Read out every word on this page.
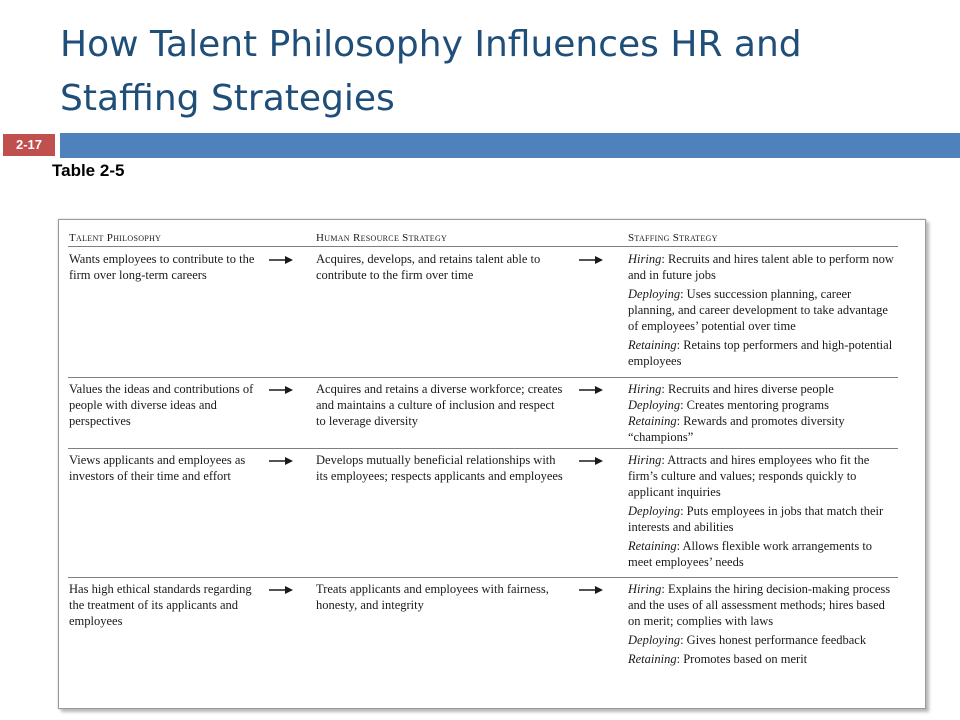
How Talent Philosophy Influences HR and Staffing Strategies
2-17
Table 2-5
Talent Philosophy	Human Resource Strategy	Staffing Strategy
Wants employees to contribute to the firm over long-term careers
Acquires, develops, and retains talent able to contribute to the firm over time
Hiring: Recruits and hires talent able to perform now and in future jobs
Deploying: Uses succession planning, career planning, and career development to take advantage of employees’ potential over time
Retaining: Retains top performers and high-potential employees
Values the ideas and contributions of people with diverse ideas and perspectives
Acquires and retains a diverse workforce; creates and maintains a culture of inclusion and respect to leverage diversity
Hiring: Recruits and hires diverse people
Deploying: Creates mentoring programs
Retaining: Rewards and promotes diversity “champions”
Views applicants and employees as investors of their time and effort
Develops mutually beneficial relationships with its employees; respects applicants and employees
Hiring: Attracts and hires employees who fit the firm’s culture and values; responds quickly to applicant inquiries
Deploying: Puts employees in jobs that match their interests and abilities
Retaining: Allows flexible work arrangements to meet employees’ needs
Has high ethical standards regarding the treatment of its applicants and employees
Treats applicants and employees with fairness, honesty, and integrity
Hiring: Explains the hiring decision-making process and the uses of all assessment methods; hires based on merit; complies with laws
Deploying: Gives honest performance feedback
Retaining: Promotes based on merit
